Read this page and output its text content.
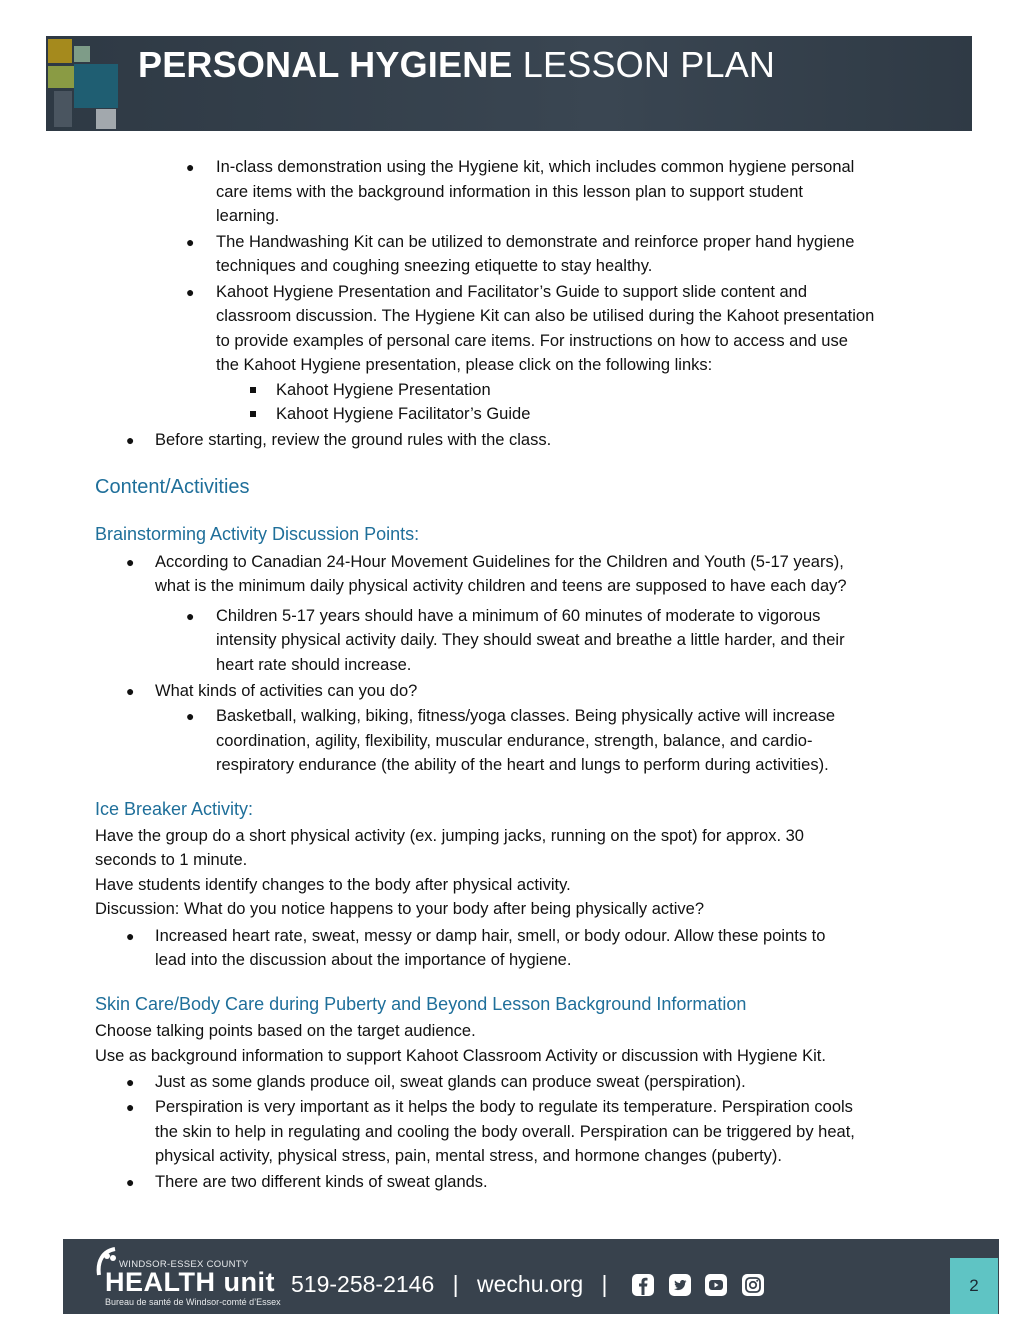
PERSONAL HYGIENE LESSON PLAN
● In-class demonstration using the Hygiene kit, which includes common hygiene personal
care items with the background information in this lesson plan to support student
learning.
● The Handwashing Kit can be utilized to demonstrate and reinforce proper hand hygiene
techniques and coughing sneezing etiquette to stay healthy.
● Kahoot Hygiene Presentation and Facilitator’s Guide to support slide content and
classroom discussion. The Hygiene Kit can also be utilised during the Kahoot presentation
to provide examples of personal care items. For instructions on how to access and use
the Kahoot Hygiene presentation, please click on the following links:
Kahoot Hygiene Presentation
Kahoot Hygiene Facilitator’s Guide
● Before starting, review the ground rules with the class.
Content/Activities
Brainstorming Activity Discussion Points:
● According to Canadian 24-Hour Movement Guidelines for the Children and Youth (5-17 years),
what is the minimum daily physical activity children and teens are supposed to have each day?
● Children 5-17 years should have a minimum of 60 minutes of moderate to vigorous
intensity physical activity daily. They should sweat and breathe a little harder, and their
heart rate should increase.
● What kinds of activities can you do?
● Basketball, walking, biking, fitness/yoga classes. Being physically active will increase
coordination, agility, flexibility, muscular endurance, strength, balance, and cardio-
respiratory endurance (the ability of the heart and lungs to perform during activities).
Ice Breaker Activity:
Have the group do a short physical activity (ex. jumping jacks, running on the spot) for approx. 30
seconds to 1 minute.
Have students identify changes to the body after physical activity.
Discussion: What do you notice happens to your body after being physically active?
● Increased heart rate, sweat, messy or damp hair, smell, or body odour. Allow these points to
lead into the discussion about the importance of hygiene.
Skin Care/Body Care during Puberty and Beyond Lesson Background Information
Choose talking points based on the target audience.
Use as background information to support Kahoot Classroom Activity or discussion with Hygiene Kit.
● Just as some glands produce oil, sweat glands can produce sweat (perspiration).
● Perspiration is very important as it helps the body to regulate its temperature. Perspiration cools
the skin to help in regulating and cooling the body overall. Perspiration can be triggered by heat,
physical activity, physical stress, pain, mental stress, and hormone changes (puberty).
● There are two different kinds of sweat glands.
WINDSOR-ESSEX COUNTY
HEALTH unit
Bureau de santé de Windsor-comté d’Essex
519-258-2146 | wechu.org |	2
